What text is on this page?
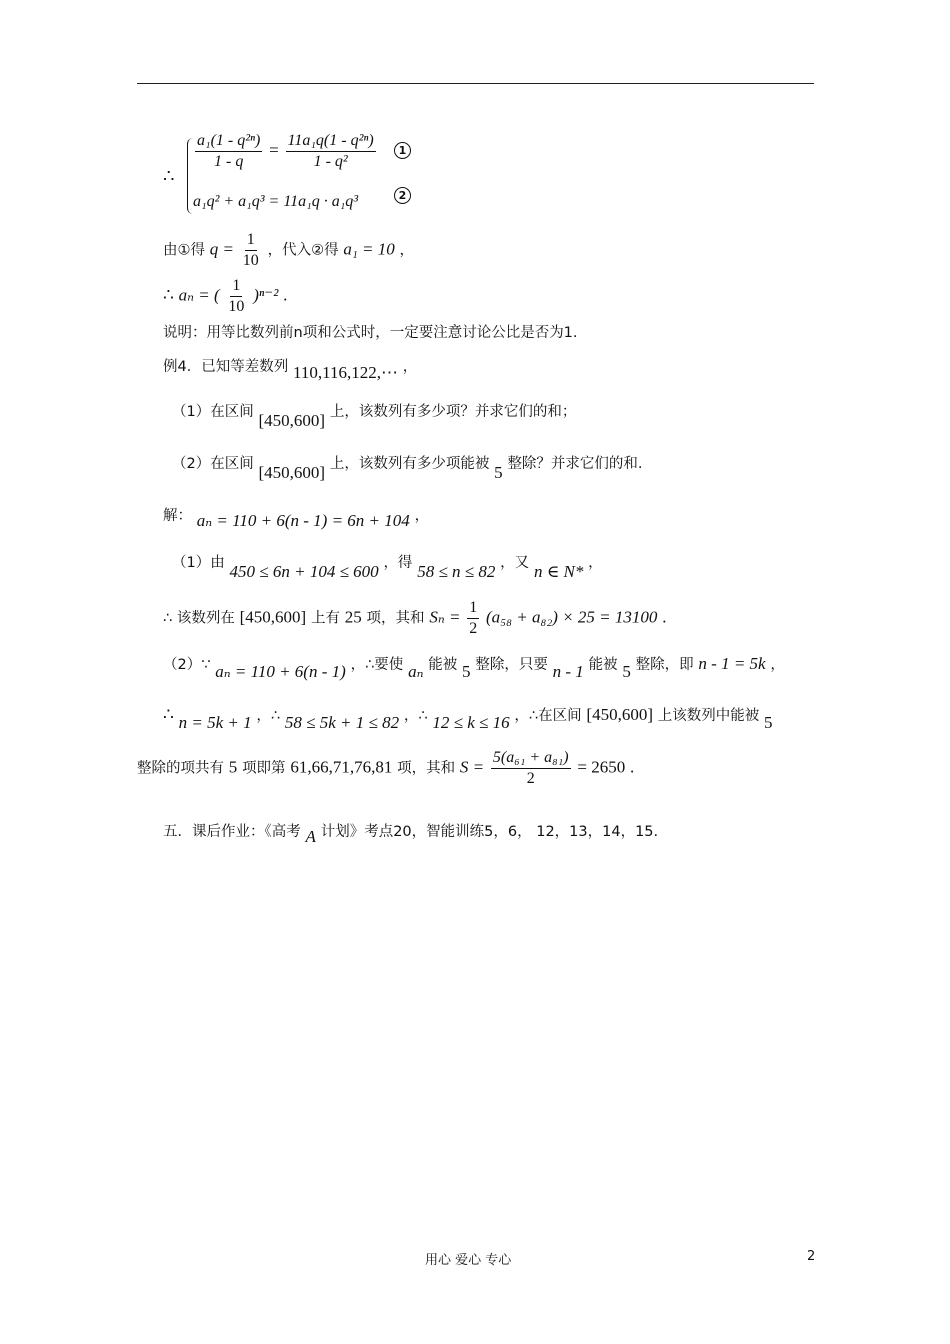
∴
$\frac{\text{a₁(1 - q²ⁿ)}}{1 - q} = \frac{\text{11a₁q(1 - q²ⁿ)}}{\text{1 - q²}}$	1
a₁q² + a₁q³ = 11a₁q · a₁q³	2
由①得 $q = \frac{1}{10}$ ，代入②得 a₁ = 10 ，
∴ aₙ = ( $\frac{1}{10} )^{n-2}$ .
说明：用等比数列前n项和公式时，一定要注意讨论公比是否为1.
例4．已知等差数列 110,116,122,⋯ ，
（1）在区间 [450,600] 上，该数列有多少项？并求它们的和；
（2）在区间 [450,600] 上，该数列有多少项能被 5 整除？并求它们的和.
解： aₙ = 110 + 6(n - 1) = 6n + 104 ，
（1）由 450 ≤ 6n + 104 ≤ 600 ，得 58 ≤ n ≤ 82 ，又 n ∈ N* ，
∴ 该数列在 [450,600] 上有 25 项，其和 $S_n = \frac{1}{2} (a_{58} + a_{82}) \times 25 = 13100$ .
（2）∵ aₙ = 110 + 6(n - 1) ，∴要使 aₙ 能被 5 整除，只要 n - 1 能被 5 整除，即 n - 1 = 5k ，
∴ n = 5k + 1 ，∴ 58 ≤ 5k + 1 ≤ 82 ，∴ 12 ≤ k ≤ 16 ，∴在区间 [450,600] 上该数列中能被 5
整除的项共有 5 项即第 61,66,71,76,81 项，其和 $S = \frac{\text{5(a₆₁ + a₈₁)}}{2} = 2650$ .
五．课后作业：《高考 A 计划》考点20，智能训练5，6， 12，13，14，15.
用心 爱心 专心	2
